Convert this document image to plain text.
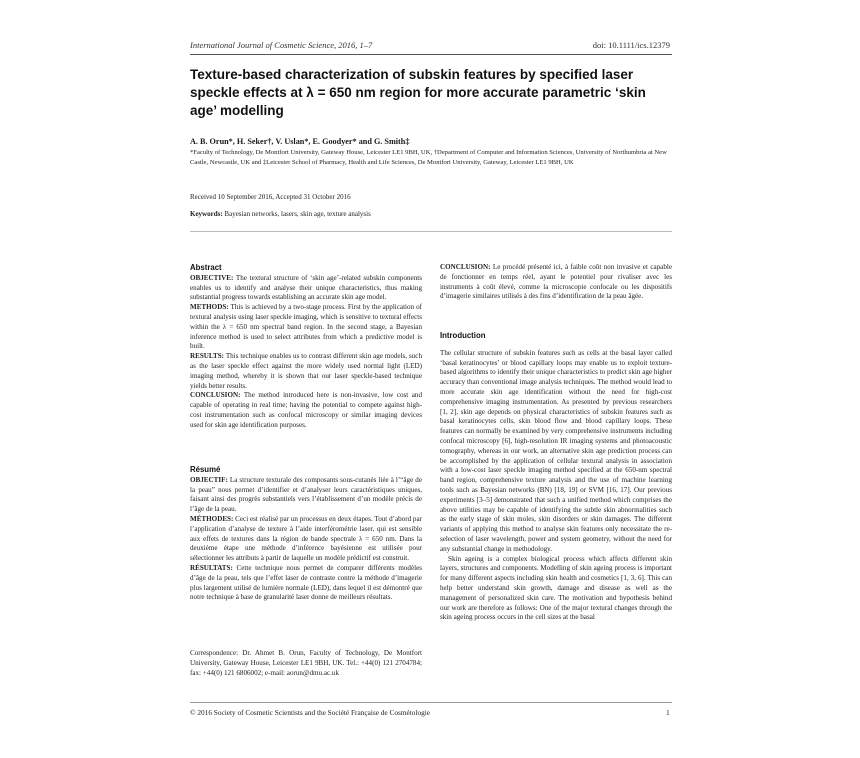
International Journal of Cosmetic Science, 2016, 1–7	doi: 10.1111/ics.12379
Texture-based characterization of subskin features by specified laser speckle effects at λ = 650 nm region for more accurate parametric ‘skin age’ modelling
A. B. Orun*, H. Seker†, V. Uslan*, E. Goodyer* and G. Smith‡
*Faculty of Technology, De Montfort University, Gateway House, Leicester LE1 9BH, UK, †Department of Computer and Information Sciences, University of Northumbria at New Castle, Newcastle, UK and ‡Leicester School of Pharmacy, Health and Life Sciences, De Montfort University, Gateway, Leicester LE1 9BH, UK
Received 10 September 2016, Accepted 31 October 2016
Keywords: Bayesian networks, lasers, skin age, texture analysis
Abstract

OBJECTIVE: The textural structure of ‘skin age’-related subskin components enables us to identify and analyse their unique characteristics, thus making substantial progress towards establishing an accurate skin age model.

METHODS: This is achieved by a two-stage process. First by the application of textural analysis using laser speckle imaging, which is sensitive to textural effects within the λ = 650 nm spectral band region. In the second stage, a Bayesian inference method is used to select attributes from which a predictive model is built.

RESULTS: This technique enables us to contrast different skin age models, such as the laser speckle effect against the more widely used normal light (LED) imaging method, whereby it is shown that our laser speckle-based technique yields better results.

CONCLUSION: The method introduced here is non-invasive, low cost and capable of operating in real time; having the potential to compete against high-cost instrumentation such as confocal microscopy or similar imaging devices used for skin age identification purposes.

Résumé

OBJECTIF: La structure texturale des composants sous-cutanés liée à l’“âge de la peau” nous permet d’identifier et d’analyser leurs caractéristiques uniques, faisant ainsi des progrès substantiels vers l’établissement d’un modèle précis de l’âge de la peau.

MÉTHODES: Ceci est réalisé par un processus en deux étapes. Tout d’abord par l’application d’analyse de texture à l’aide interférométrie laser, qui est sensible aux effets de textures dans la région de bande spectrale λ = 650 nm. Dans la deuxième étape une méthode d’inférence bayésienne est utilisée pour sélectionner les attributs à partir de laquelle un modèle prédictif est construit.

RÉSULTATS: Cette technique nous permet de comparer différents modèles d’âge de la peau, tels que l’effet laser de contraste contre la méthode d’imagerie plus largement utilisé de lumière normale (LED), dans lequel il est démontré que notre technique à base de granularité laser donne de meilleurs résultats.

Correspondence: Dr. Ahmet B. Orun, Faculty of Technology, De Montfort University, Gateway House, Leicester LE1 9BH, UK. Tel.: +44(0) 121 2704784; fax: +44(0) 121 6806002; e-mail: aorun@dmu.ac.uk

CONCLUSION: Le procédé présenté ici, à faible coût non invasive et capable de fonctionner en temps réel, ayant le potentiel pour rivaliser avec les instruments à coût élevé, comme la microscopie confocale ou les dispositifs d’imagerie similaires utilisés à des fins d’identification de la peau âgée.

Introduction

The cellular structure of subskin features such as cells at the basal layer called ‘basal keratinocytes’ or blood capillary loops may enable us to exploit texture-based algorithms to identify their unique characteristics to predict skin age higher accuracy than conventional image analysis techniques. The method would lead to more accurate skin age identification without the need for high-cost comprehensive imaging instrumentation. As presented by previous researchers [1, 2], skin age depends on physical characteristics of subskin features such as basal keratinocytes cells, skin blood flow and blood capillary loops. These features can normally be examined by very comprehensive instruments including confocal microscopy [6], high-resolution IR imaging systems and photoacoustic tomography, whereas in our work, an alternative skin age prediction process can be accomplished by the application of cellular textural analysis in association with a low-cost laser speckle imaging method specified at the 650-nm spectral band region, comprehensive texture analysis and the use of machine learning tools such as Bayesian networks (BN) [18, 19] or SVM [16, 17]. Our previous experiments [3–5] demonstrated that such a unified method which comprises the above utilities may be capable of identifying the subtle skin abnormalities such as the early stage of skin moles, skin disorders or skin damages. The different variants of applying this method to analyse skin features only necessitate the re-selection of laser wavelength, power and system geometry, without the need for any substantial change in methodology.

Skin ageing is a complex biological process which affects different skin layers, structures and components. Modelling of skin ageing process is important for many different aspects including skin health and cosmetics [1, 3, 6]. This can help better understand skin growth, damage and disease as well as the management of personalized skin care. The motivation and hypothesis behind our work are therefore as follows: One of the major textural changes through the skin ageing process occurs in the cell sizes at the basal

© 2016 Society of Cosmetic Scientists and the Société Française de Cosmétologie	1
